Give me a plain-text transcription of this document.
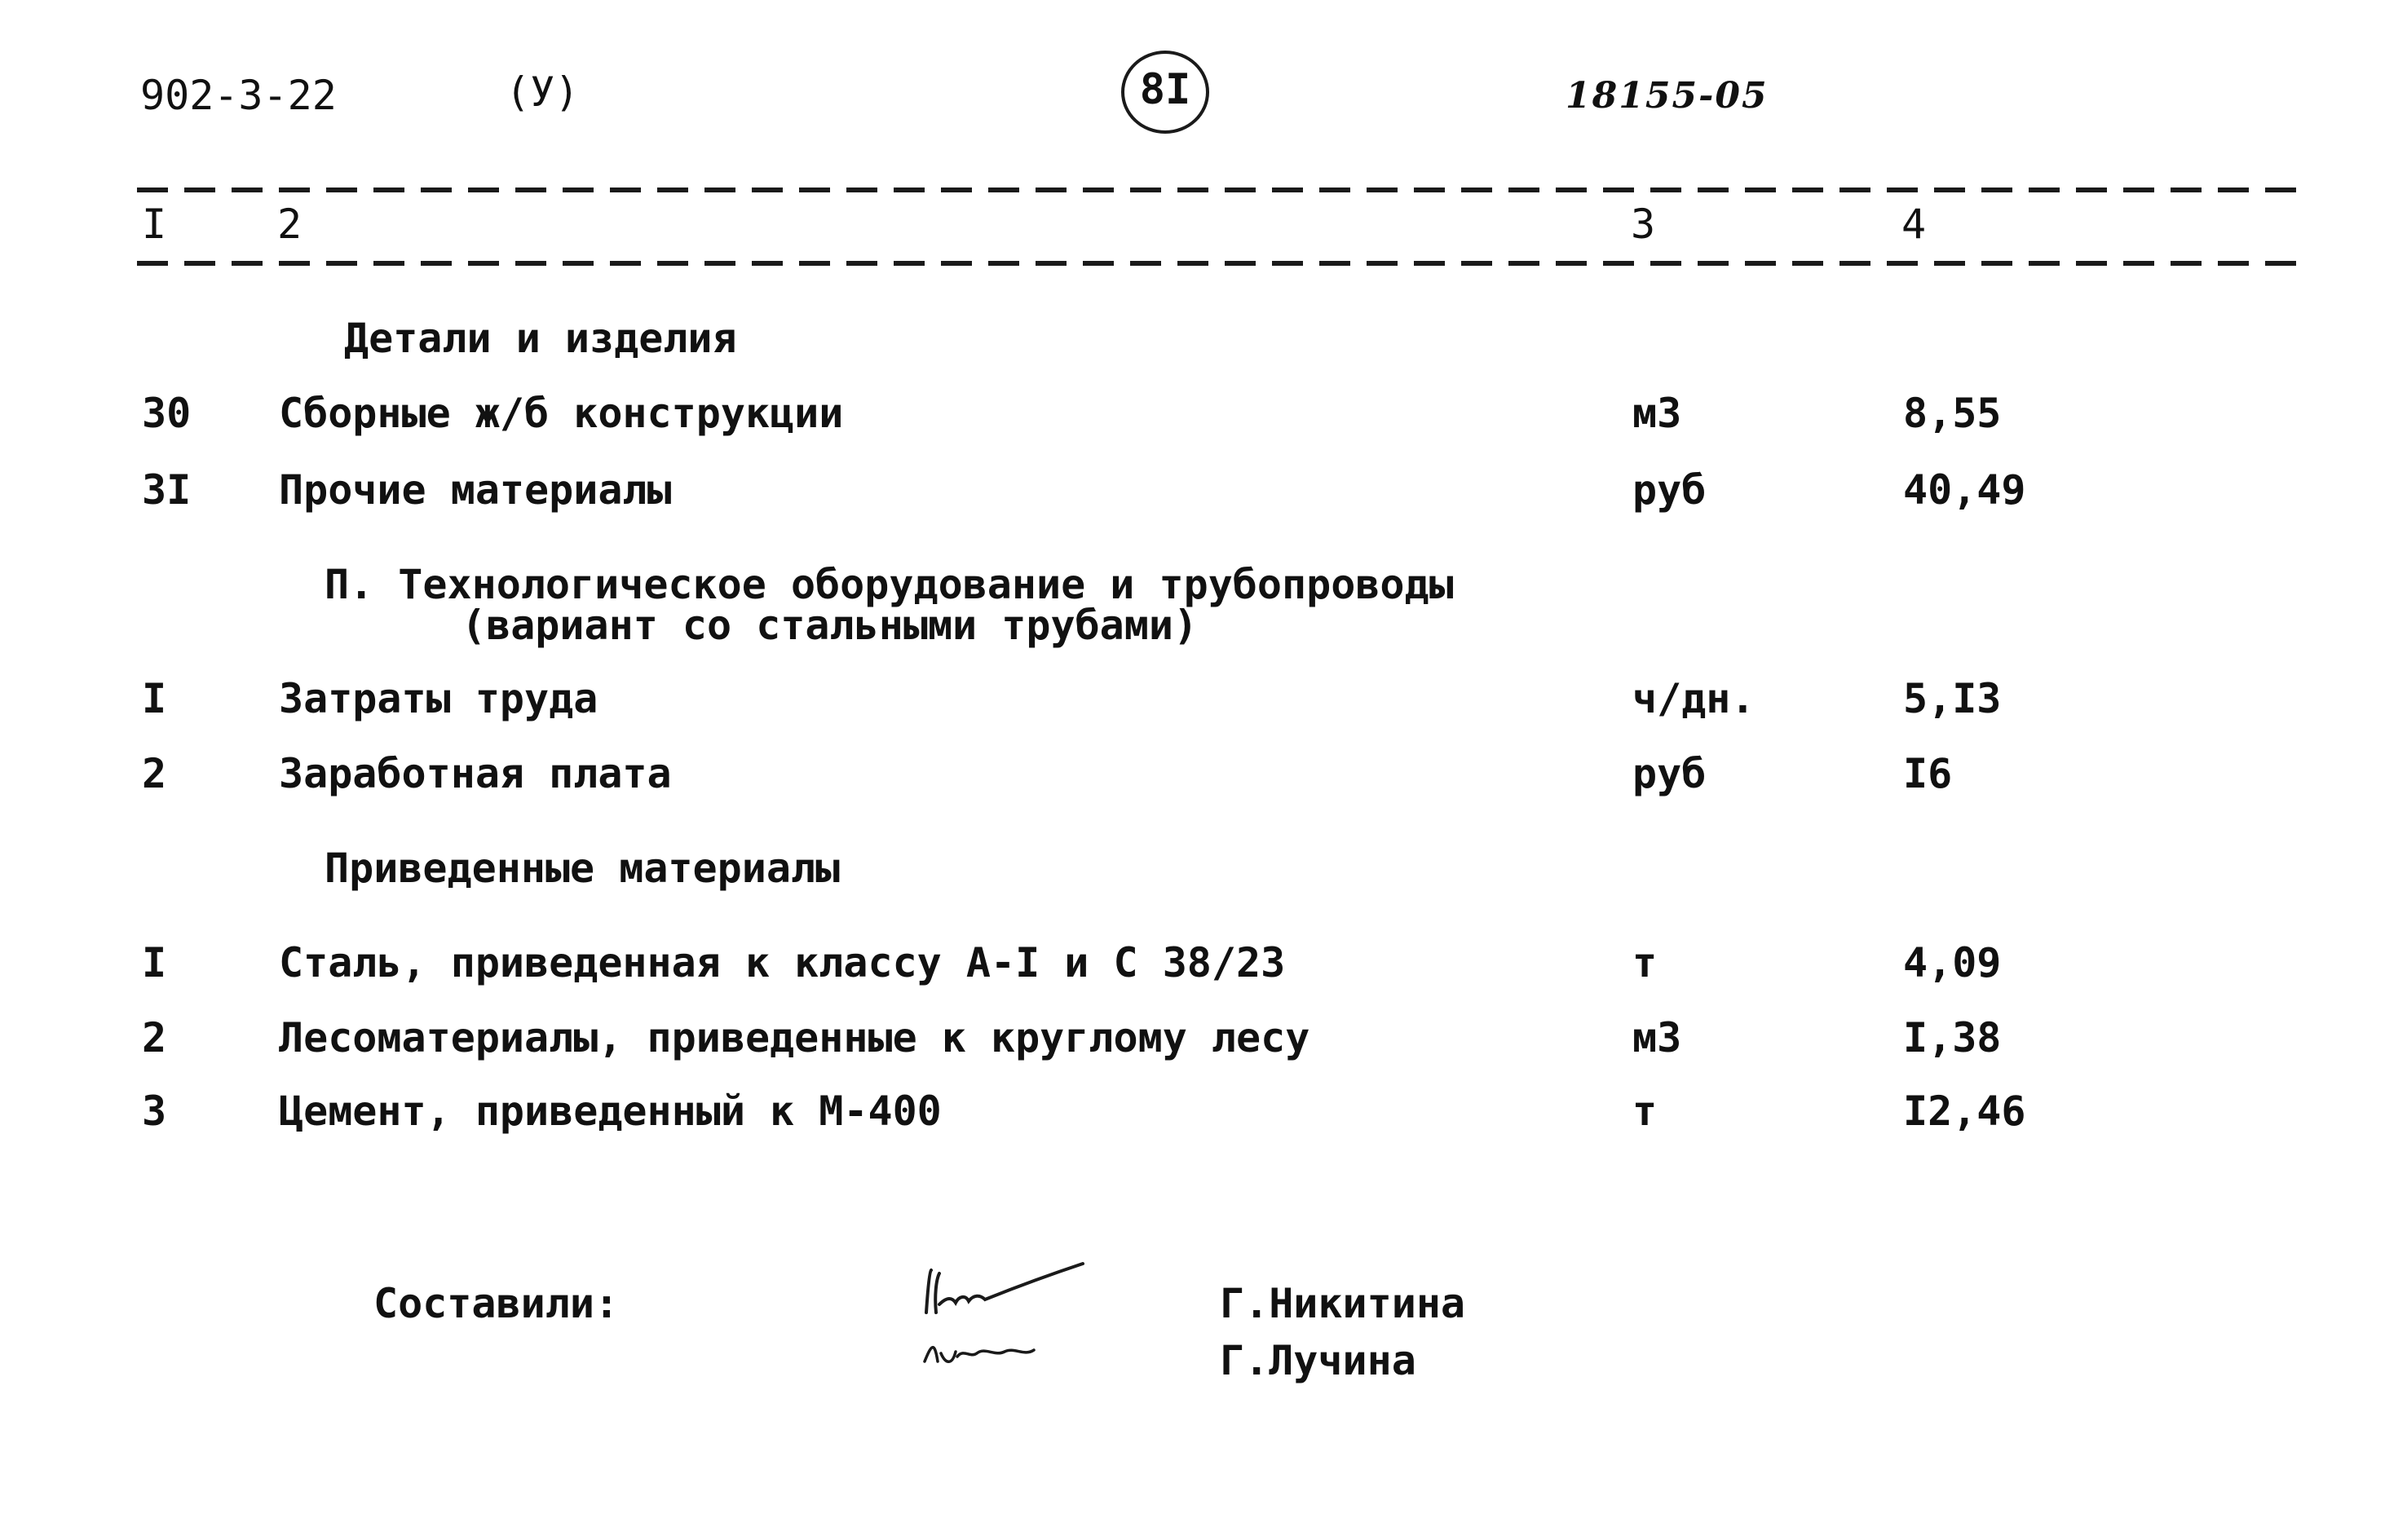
902-3-22	(У)	8I	18155-05
I	2	3	4
Детали и изделия
30 Сборные ж/б конструкции	м3	8,55
3I Прочие материалы	руб	40,49
П. Технологическое оборудование и трубопроводы
(вариант со стальными трубами)
I	Затраты труда	ч/дн.	5,I3
2	Заработная плата	руб	I6
Приведенные материалы
I	Сталь, приведенная к классу А-I и С 38/23	т	4,09
2	Лесоматериалы, приведенные к круглому лесу	м3	I,38
3	Цемент, приведенный к М-400	т	I2,46
Составили:	Г.Никитина
Г.Лучина
